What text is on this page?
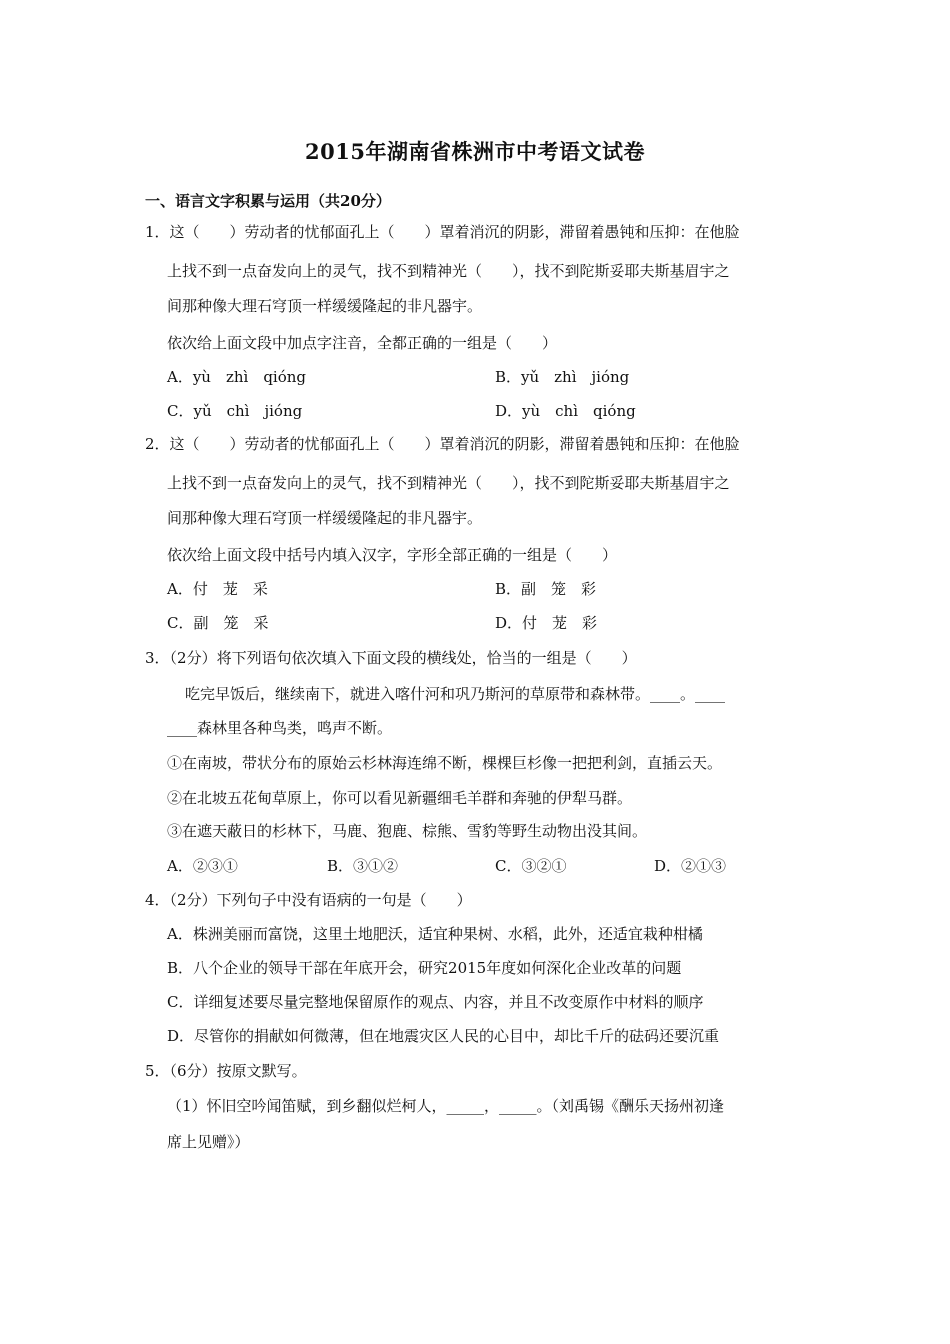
2015年湖南省株洲市中考语文试卷
一、语言文字积累与运用（共20分）
1．这（　　）劳动者的忧郁面孔上（　　）罩着消沉的阴影，滞留着愚钝和压抑：在他脸
上找不到一点奋发向上的灵气，找不到精神光（　　），找不到陀斯妥耶夫斯基眉宇之
间那种像大理石穹顶一样缓缓隆起的非凡器宇。
依次给上面文段中加点字注音，全都正确的一组是（　　）
A．yù　zhì　qióng	B．yǔ　zhì　jióng
C．yǔ　chì　jióng	D．yù　chì　qióng
2．这（　　）劳动者的忧郁面孔上（　　）罩着消沉的阴影，滞留着愚钝和压抑：在他脸
上找不到一点奋发向上的灵气，找不到精神光（　　），找不到陀斯妥耶夫斯基眉宇之
间那种像大理石穹顶一样缓缓隆起的非凡器宇。
依次给上面文段中括号内填入汉字，字形全部正确的一组是（　　）
A．付　茏　采	B．副　笼　彩
C．副　笼　采	D．付　茏　彩
3．（2分）将下列语句依次填入下面文段的横线处，恰当的一组是（　　）
吃完早饭后，继续南下，就进入喀什河和巩乃斯河的草原带和森林带。____。____
____森林里各种鸟类，鸣声不断。
①在南坡，带状分布的原始云杉林海连绵不断，棵棵巨杉像一把把利剑，直插云天。
②在北坡五花甸草原上，你可以看见新疆细毛羊群和奔驰的伊犁马群。
③在遮天蔽日的杉林下，马鹿、狍鹿、棕熊、雪豹等野生动物出没其间。
A．②③①	B．③①②	C．③②①	D．②①③
4．（2分）下列句子中没有语病的一句是（　　）
A．株洲美丽而富饶，这里土地肥沃，适宜种果树、水稻，此外，还适宜栽种柑橘
B．八个企业的领导干部在年底开会，研究2015年度如何深化企业改革的问题
C．详细复述要尽量完整地保留原作的观点、内容，并且不改变原作中材料的顺序
D．尽管你的捐献如何微薄，但在地震灾区人民的心目中，却比千斤的砝码还要沉重
5．（6分）按原文默写。
（1）怀旧空吟闻笛赋，到乡翻似烂柯人，_____，_____。（刘禹锡《酬乐天扬州初逢
席上见赠》）
